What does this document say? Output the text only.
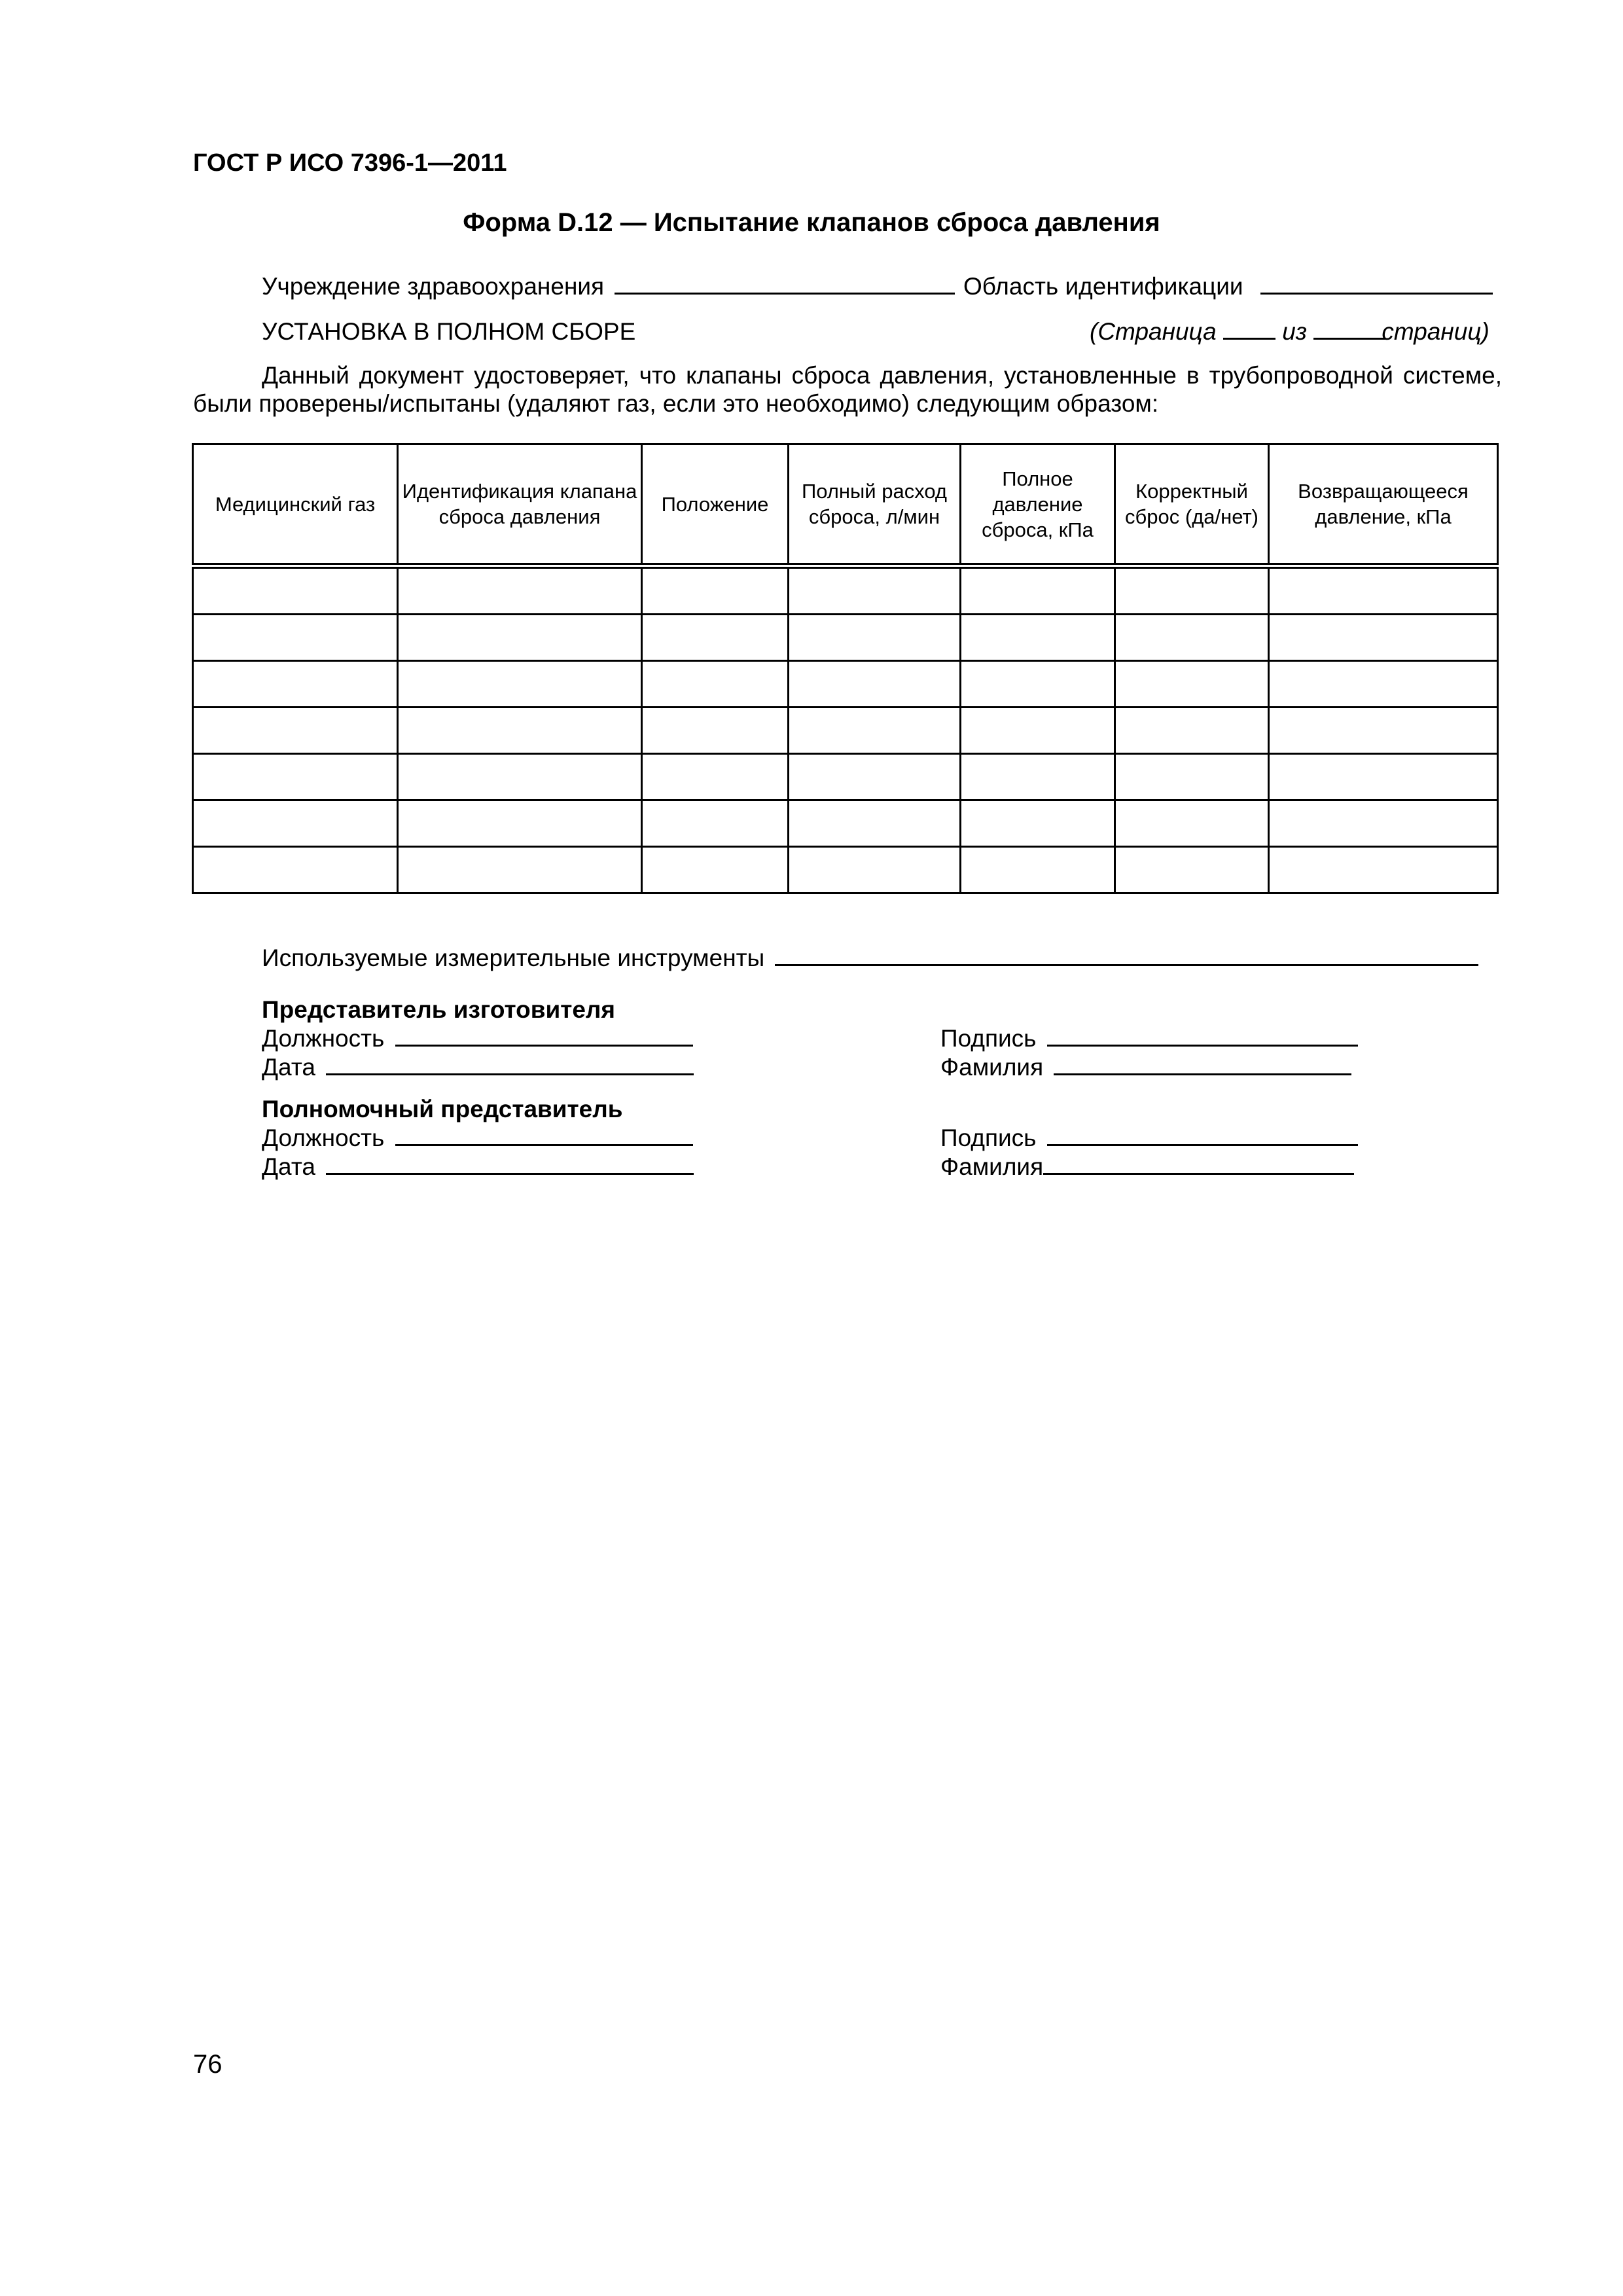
ГОСТ Р ИСО 7396-1—2011
Форма D.12 — Испытание клапанов сброса давления
Учреждение здравоохранения	Область идентификации
УСТАНОВКА В ПОЛНОМ СБОРЕ	(Страница	из	страниц)
Данный документ удостоверяет, что клапаны сброса давления, установленные в трубопроводной системе,
были проверены/испытаны (удаляют газ, если это необходимо) следующим образом:
Медицинский газ	Идентификация клапана сброса давления	Положение	Полный расход сброса, л/мин	Полное давление сброса, кПа	Корректный сброс (да/нет)	Возвращающееся давление, кПа

Используемые измерительные инструменты
Представитель изготовителя
Должность
Дата
Подпись
Фамилия
Полномочный представитель
Должность
Дата
Подпись
Фамилия
76
